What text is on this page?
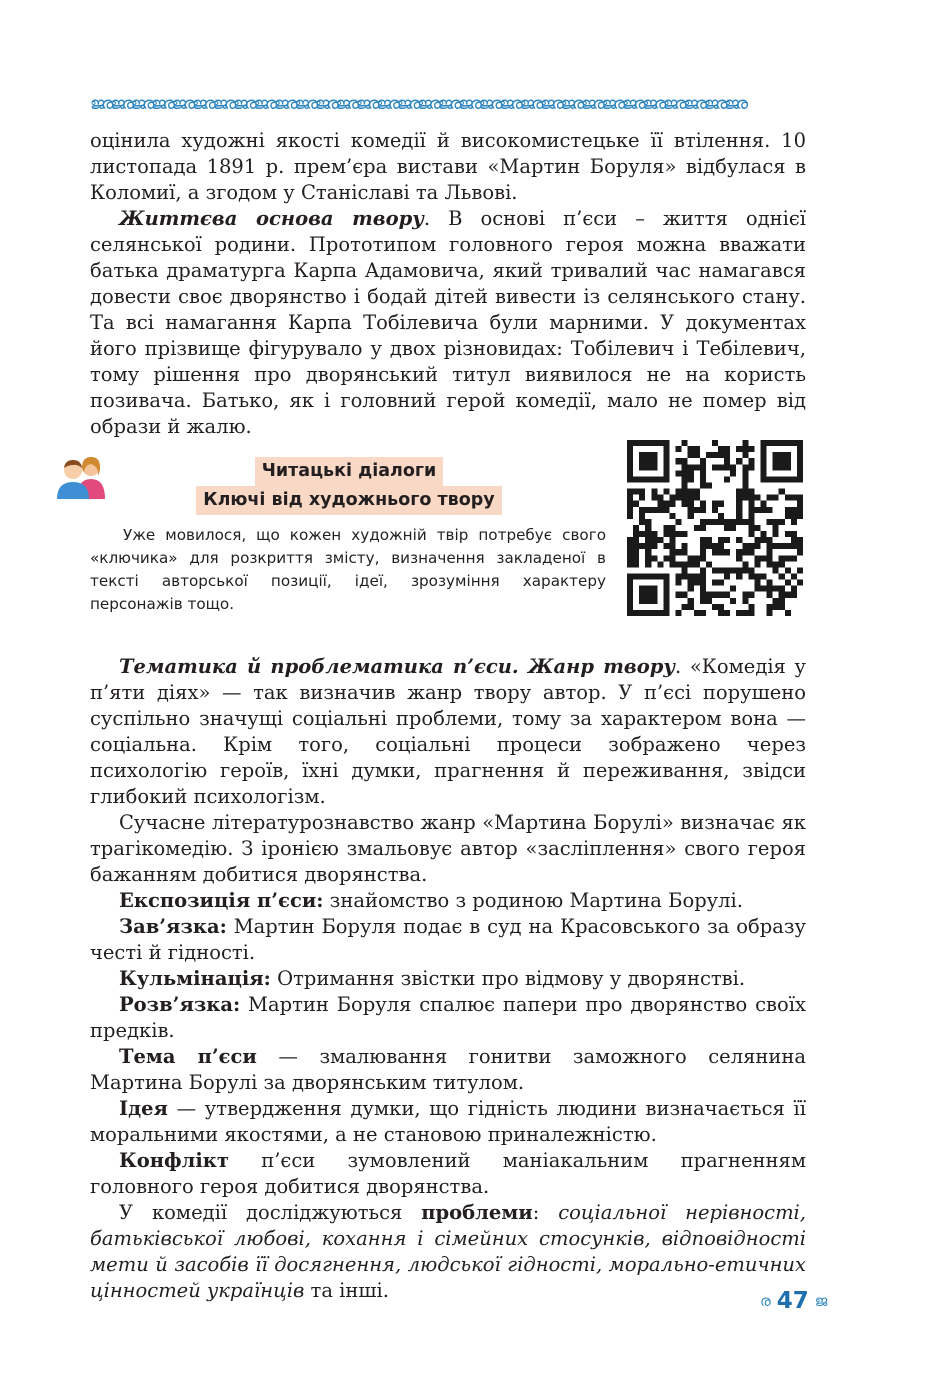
ജരജരജരജരജരജരജരജരജരജരജരജരജരജരജരജരജരജരജരജരജരജരജരജരജരജരജരജരജരജരജരജര

оцінила художні якості комедії й високомистецьке її втілення. 10 листопада 1891 р. прем’єра вистави «Мартин Боруля» відбулася в Коломиї, а згодом у Станіславі та Львові.

Життєва основа твору. В основі п’єси – життя однієї селянської родини. Прототипом головного героя можна вважати батька драматурга Карпа Адамовича, який тривалий час намагався довести своє дворянство і бодай дітей вивести із селянського стану. Та всі намагання Карпа Тобілевича були марними. У документах його прізвище фігурувало у двох різновидах: Тобілевич і Тебілевич, тому рішення про дворянський титул виявилося не на користь позивача. Батько, як і головний герой комедії, мало не помер від образи й жалю.

Читацькі діалоги
Ключі від художнього твору

Уже мовилося, що кожен художній твір потребує свого «ключика» для розкриття змісту, визначення закладеної в тексті авторської позиції, ідеї, зрозуміння характеру персонажів тощо.

Тематика й проблематика п’єси. Жанр твору. «Комедія у п’яти діях» — так визначив жанр твору автор. У п’єсі порушено суспільно значущі соціальні проблеми, тому за характером вона — соціальна. Крім того, соціальні процеси зображено через психологію героїв, їхні думки, прагнення й переживання, звідси глибокий психологізм.

Сучасне літературознавство жанр «Мартина Борулі» визначає як трагікомедію. З іронією змальовує автор «засліплення» свого героя бажанням добитися дворянства.

Експозиція п’єси: знайомство з родиною Мартина Борулі.

Зав’язка: Мартин Боруля подає в суд на Красовського за образу честі й гідності.

Кульмінація: Отримання звістки про відмову у дворянстві.

Розв’язка: Мартин Боруля спалює папери про дворянство своїх предків.

Тема п’єси — змалювання гонитви заможного селянина Мартина Борулі за дворянським титулом.

Ідея — утвердження думки, що гідність людини визначається її моральними якостями, а не становою приналежністю.

Конфлікт п’єси зумовлений маніакальним прагненням головного героя добитися дворянства.

У комедії досліджуються проблеми: соціальної нерівності, батьківської любові, кохання і сімейних стосунків, відповідності мети й засобів її досягнення, людської гідності, морально-етичних цінностей українців та інші.	ര 47 ജ
